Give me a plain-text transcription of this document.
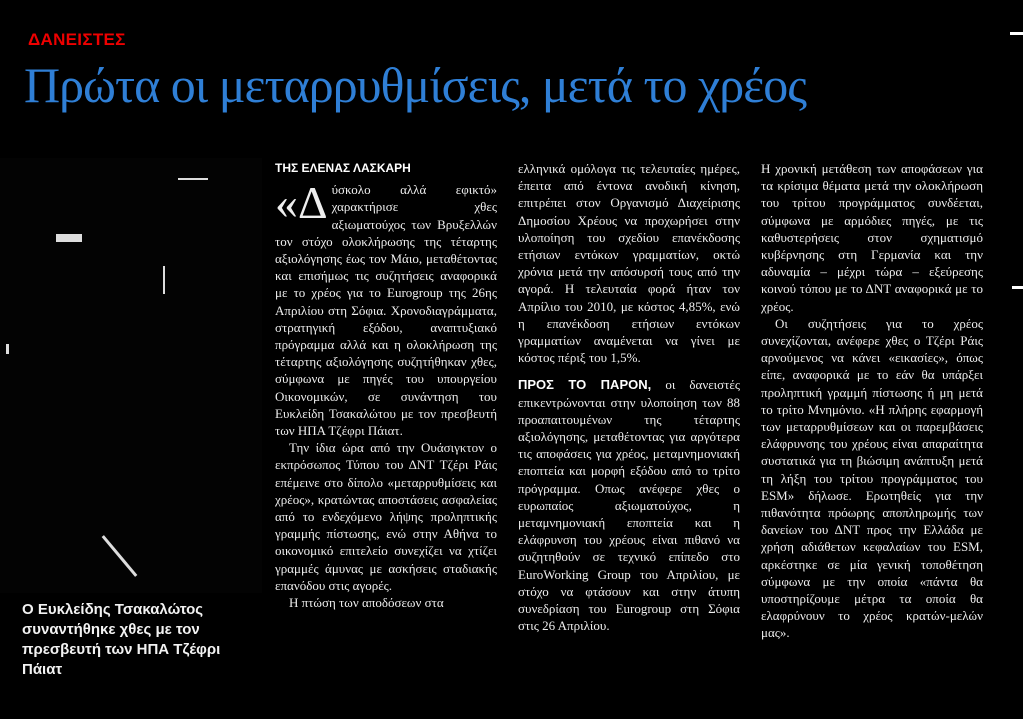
ΔΑΝΕΙΣΤΕΣ
Πρώτα οι μεταρρυθμίσεις, μετά το χρέος
Ο Ευκλείδης Τσακαλώτος συναντήθηκε χθες με τον πρεσβευτή των ΗΠΑ Τζέφρι Πάιατ
ΤΗΣ ΕΛΕΝΑΣ ΛΑΣΚΑΡΗ

«Δ ύσκολο αλλά εφικτό» χαρακτήρισε χθες αξιωματούχος των Βρυξελλών τον στόχο ολοκλήρωσης της τέταρτης αξιολόγησης έως τον Μάιο, μεταθέτοντας και επισήμως τις συζητήσεις αναφορικά με το χρέος για το Eurogroup της 26ης Απριλίου στη Σόφια. Χρονοδιαγράμματα, στρατηγική εξόδου, αναπτυξιακό πρόγραμμα αλλά και η ολοκλήρωση της τέταρτης αξιολόγησης συζητήθηκαν χθες, σύμφωνα με πηγές του υπουργείου Οικονομικών, σε συνάντηση του Ευκλείδη Τσακαλώτου με τον πρεσβευτή των ΗΠΑ Τζέφρι Πάιατ.

Την ίδια ώρα από την Ουάσιγκτον ο εκπρόσωπος Τύπου του ΔΝΤ Τζέρι Ράις επέμεινε στο δίπολο «μεταρρυθμίσεις και χρέος», κρατώντας αποστάσεις ασφαλείας από το ενδεχόμενο λήψης προληπτικής γραμμής πίστωσης, ενώ στην Αθήνα το οικονομικό επιτελείο συνεχίζει να χτίζει γραμμές άμυνας με ασκήσεις σταδιακής επανόδου στις αγορές.

Η πτώση των αποδόσεων στα

ελληνικά ομόλογα τις τελευταίες ημέρες, έπειτα από έντονα ανοδική κίνηση, επιτρέπει στον Οργανισμό Διαχείρισης Δημοσίου Χρέους να προχωρήσει στην υλοποίηση του σχεδίου επανέκδοσης ετήσιων εντόκων γραμματίων, οκτώ χρόνια μετά την απόσυρσή τους από την αγορά. Η τελευταία φορά ήταν τον Απρίλιο του 2010, με κόστος 4,85%, ενώ η επανέκδοση ετήσιων εντόκων γραμματίων αναμένεται να γίνει με κόστος πέριξ του 1,5%.

ΠΡΟΣ ΤΟ ΠΑΡΟΝ, οι δανειστές επικεντρώνονται στην υλοποίηση των 88 προαπαιτουμένων της τέταρτης αξιολόγησης, μεταθέτοντας για αργότερα τις αποφάσεις για χρέος, μεταμνημονιακή εποπτεία και μορφή εξόδου από το τρίτο πρόγραμμα. Οπως ανέφερε χθες ο ευρωπαίος αξιωματούχος, η μεταμνημονιακή εποπτεία και η ελάφρυνση του χρέους είναι πιθανό να συζητηθούν σε τεχνικό επίπεδο στο EuroWorking Group του Απριλίου, με στόχο να φτάσουν και στην άτυπη συνεδρίαση του Eurogroup στη Σόφια στις 26 Απριλίου.

Η χρονική μετάθεση των αποφάσεων για τα κρίσιμα θέματα μετά την ολοκλήρωση του τρίτου προγράμματος συνδέεται, σύμφωνα με αρμόδιες πηγές, με τις καθυστερήσεις στον σχηματισμό κυβέρνησης στη Γερμανία και την αδυναμία – μέχρι τώρα – εξεύρεσης κοινού τόπου με το ΔΝΤ αναφορικά με το χρέος.

Οι συζητήσεις για το χρέος συνεχίζονται, ανέφερε χθες ο Τζέρι Ράις αρνούμενος να κάνει «εικασίες», όπως είπε, αναφορικά με το εάν θα υπάρξει προληπτική γραμμή πίστωσης ή μη μετά το τρίτο Μνημόνιο. «Η πλήρης εφαρμογή των μεταρρυθμίσεων και οι παρεμβάσεις ελάφρυνσης του χρέους είναι απαραίτητα συστατικά για τη βιώσιμη ανάπτυξη μετά τη λήξη του τρίτου προγράμματος του ESM» δήλωσε. Ερωτηθείς για την πιθανότητα πρόωρης αποπληρωμής των δανείων του ΔΝΤ προς την Ελλάδα με χρήση αδιάθετων κεφαλαίων του ESM, αρκέστηκε σε μία γενική τοποθέτηση σύμφωνα με την οποία «πάντα θα υποστηρίζουμε μέτρα τα οποία θα ελαφρύνουν το χρέος κρατών-μελών μας».
